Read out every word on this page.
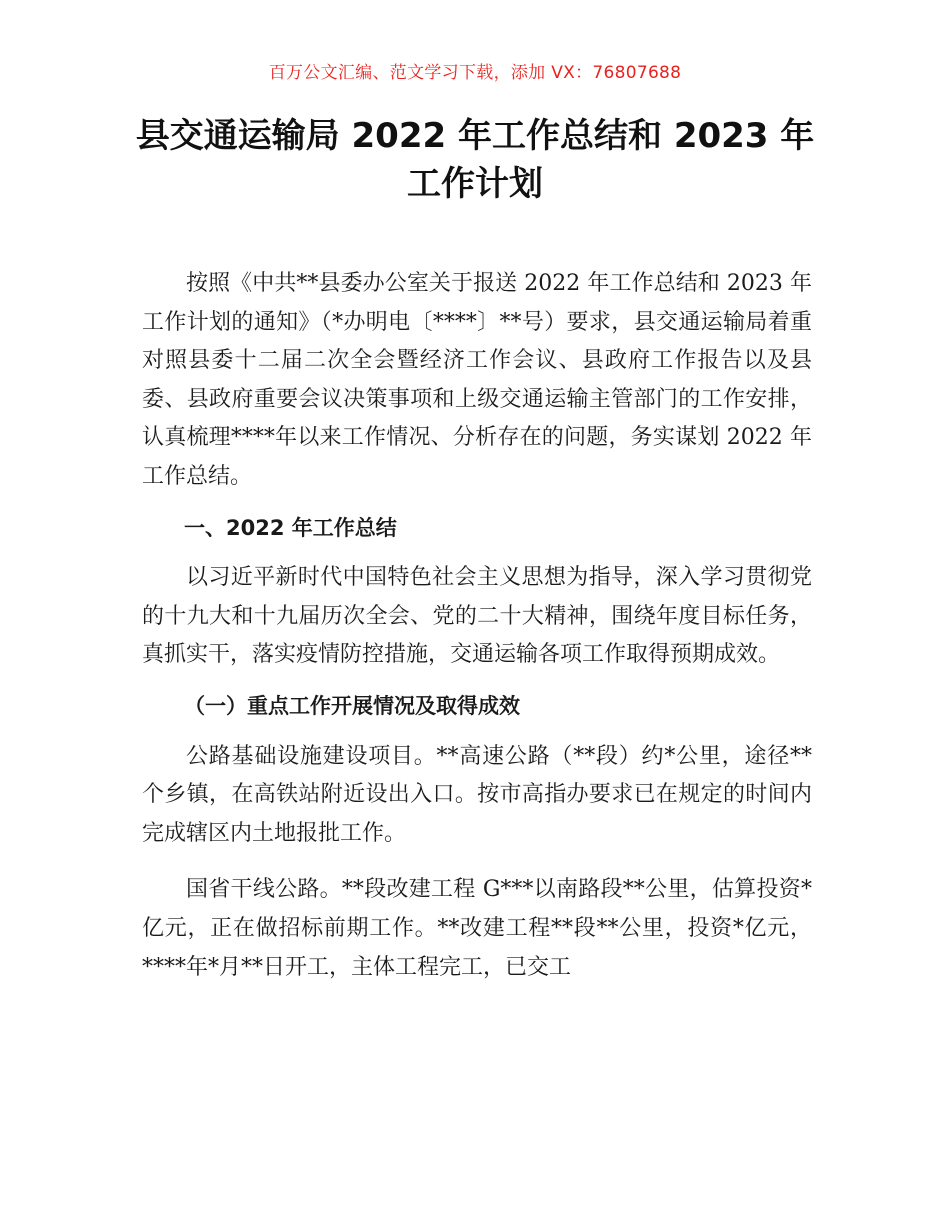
百万公文汇编、范文学习下载，添加 VX：76807688
县交通运输局 2022 年工作总结和 2023 年
工作计划

按照《中共**县委办公室关于报送 2022 年工作总结和 2023 年工作计划的通知》（*办明电〔****〕**号）要求，县交通运输局着重对照县委十二届二次全会暨经济工作会议、县政府工作报告以及县委、县政府重要会议决策事项和上级交通运输主管部门的工作安排，认真梳理****年以来工作情况、分析存在的问题，务实谋划 2022 年工作总结。

一、2022 年工作总结

以习近平新时代中国特色社会主义思想为指导，深入学习贯彻党的十九大和十九届历次全会、党的二十大精神，围绕年度目标任务，真抓实干，落实疫情防控措施，交通运输各项工作取得预期成效。

（一）重点工作开展情况及取得成效

公路基础设施建设项目。**高速公路（**段）约*公里，途径**个乡镇，在高铁站附近设出入口。按市高指办要求已在规定的时间内完成辖区内土地报批工作。

国省干线公路。**段改建工程 G***以南路段**公里，估算投资*亿元，正在做招标前期工作。**改建工程**段**公里，投资*亿元，****年*月**日开工，主体工程完工，已交工
